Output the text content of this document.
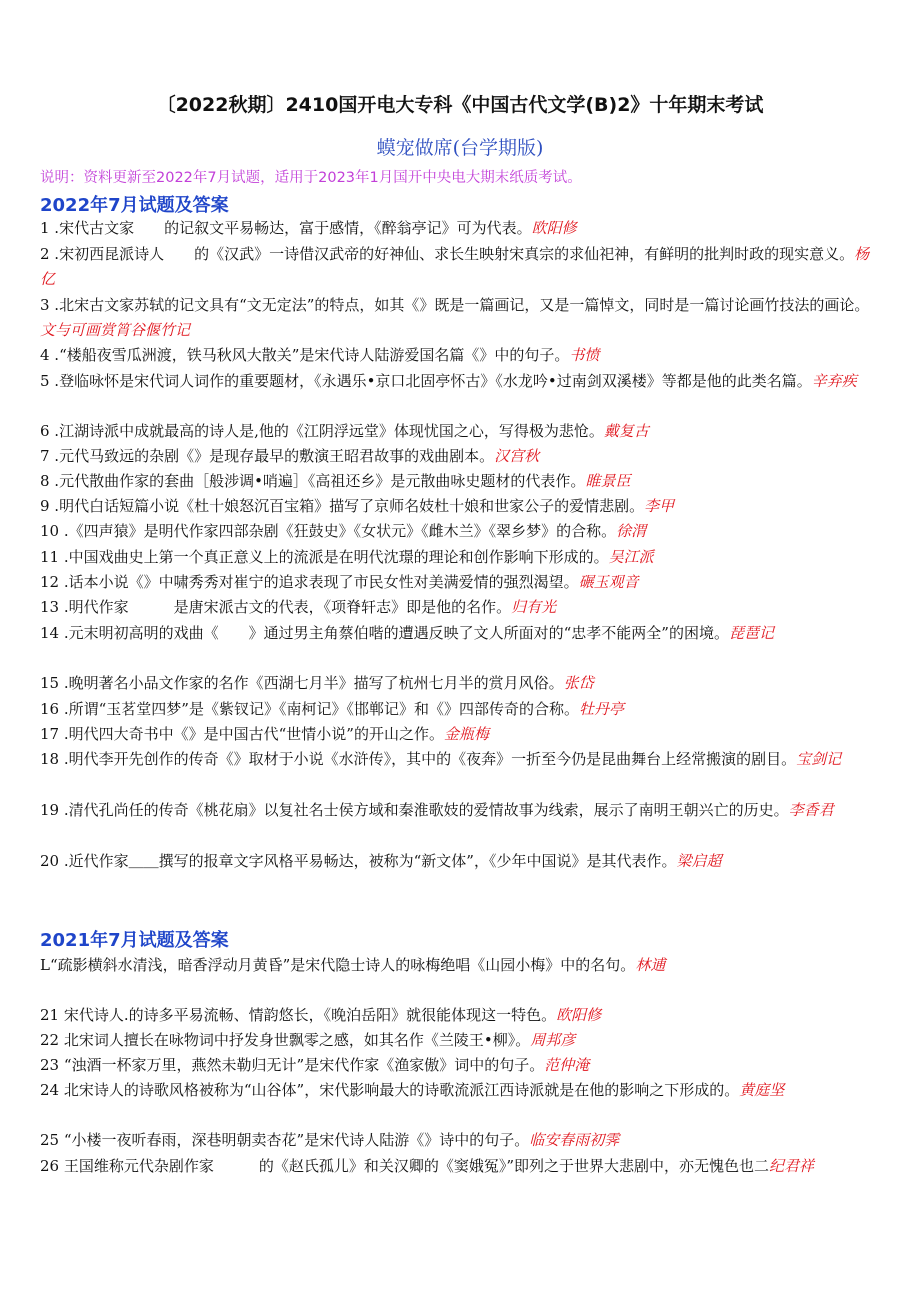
〔2022秋期〕2410国开电大专科《中国古代文学(B)2》十年期末考试
蟆宠做席(台学期版)
说明：资料更新至2022年7月试题，适用于2023年1月国开中央电大期末纸质考试。
2022年7月试题及答案
1 .宋代古文家　　的记叙文平易畅达，富于感情，《醉翁亭记》可为代表。欧阳修
2 .宋初西昆派诗人　　的《汉武》一诗借汉武帝的好神仙、求长生映射宋真宗的求仙祀神，有鲜明的批判时政的现实意义。杨亿
3 .北宋古文家苏轼的记文具有“文无定法”的特点，如其《》既是一篇画记，又是一篇悼文，同时是一篇讨论画竹技法的画论。文与可画赏筲谷偃竹记
4 .“楼船夜雪瓜洲渡，铁马秋风大散关”是宋代诗人陆游爱国名篇《》中的句子。书愤
5 .登临咏怀是宋代词人词作的重要题材，《永遇乐•京口北固亭怀古》《水龙吟•过南剑双溪楼》等都是他的此类名篇。辛弃疾
6 .江湖诗派中成就最高的诗人是,他的《江阴浮远堂》体现忧国之心，写得极为悲怆。戴复古
7 .元代马致远的杂剧《》是现存最早的敷演王昭君故事的戏曲剧本。汉宫秋
8 .元代散曲作家的套曲［般涉调•哨遍］《高祖还乡》是元散曲咏史题材的代表作。睢景臣
9 .明代白话短篇小说《杜十娘怒沉百宝箱》描写了京师名妓杜十娘和世家公子的爱情悲剧。李甲
10 .《四声猿》是明代作家四部杂剧《狂鼓史》《女状元》《雌木兰》《翠乡梦》的合称。徐渭
11 .中国戏曲史上第一个真正意义上的流派是在明代沈璟的理论和创作影响下形成的。吴江派
12 .话本小说《》中啸秀秀对崔宁的追求表现了市民女性对美满爱情的强烈渴望。碾玉观音
13 .明代作家　　　是唐宋派古文的代表，《项脊轩志》即是他的名作。归有光
14 .元末明初高明的戏曲《　　》通过男主角蔡伯喈的遭遇反映了文人所面对的“忠孝不能两全”的困境。琵琶记
15 .晚明著名小品文作家的名作《西湖七月半》描写了杭州七月半的赏月风俗。张岱
16 .所谓“玉茗堂四梦”是《紫钗记》《南柯记》《邯郸记》和《》四部传奇的合称。牡丹亭
17 .明代四大奇书中《》是中国古代“世情小说”的开山之作。金瓶梅
18 .明代李开先创作的传奇《》取材于小说《水浒传》，其中的《夜奔》一折至今仍是昆曲舞台上经常搬演的剧目。宝剑记
19 .清代孔尚任的传奇《桃花扇》以复社名士侯方域和秦淮歌妓的爱情故事为线索，展示了南明王朝兴亡的历史。李香君
20 .近代作家＿＿撰写的报章文字风格平易畅达，被称为“新文体”，《少年中国说》是其代表作。梁启超
2021年7月试题及答案
L“疏影横斜水清浅，暗香浮动月黄昏”是宋代隐士诗人的咏梅绝唱《山园小梅》中的名句。林逋
21 宋代诗人.的诗多平易流畅、情韵悠长，《晚泊岳阳》就很能体现这一特色。欧阳修
22 北宋词人擅长在咏物词中抒发身世飘零之感，如其名作《兰陵王•柳》。周邦彦
23 “浊酒一杯家万里，燕然未勒归无计”是宋代作家《渔家傲》词中的句子。范仲淹
24 北宋诗人的诗歌风格被称为“山谷体”，宋代影响最大的诗歌流派江西诗派就是在他的影响之下形成的。黄庭坚
25 “小楼一夜听春雨，深巷明朝卖杏花”是宋代诗人陆游《》诗中的句子。临安春雨初霁
26 王国维称元代杂剧作家　　　的《赵氏孤儿》和关汉卿的《窦娥冤》”即列之于世界大悲剧中，亦无愧色也二纪君祥
